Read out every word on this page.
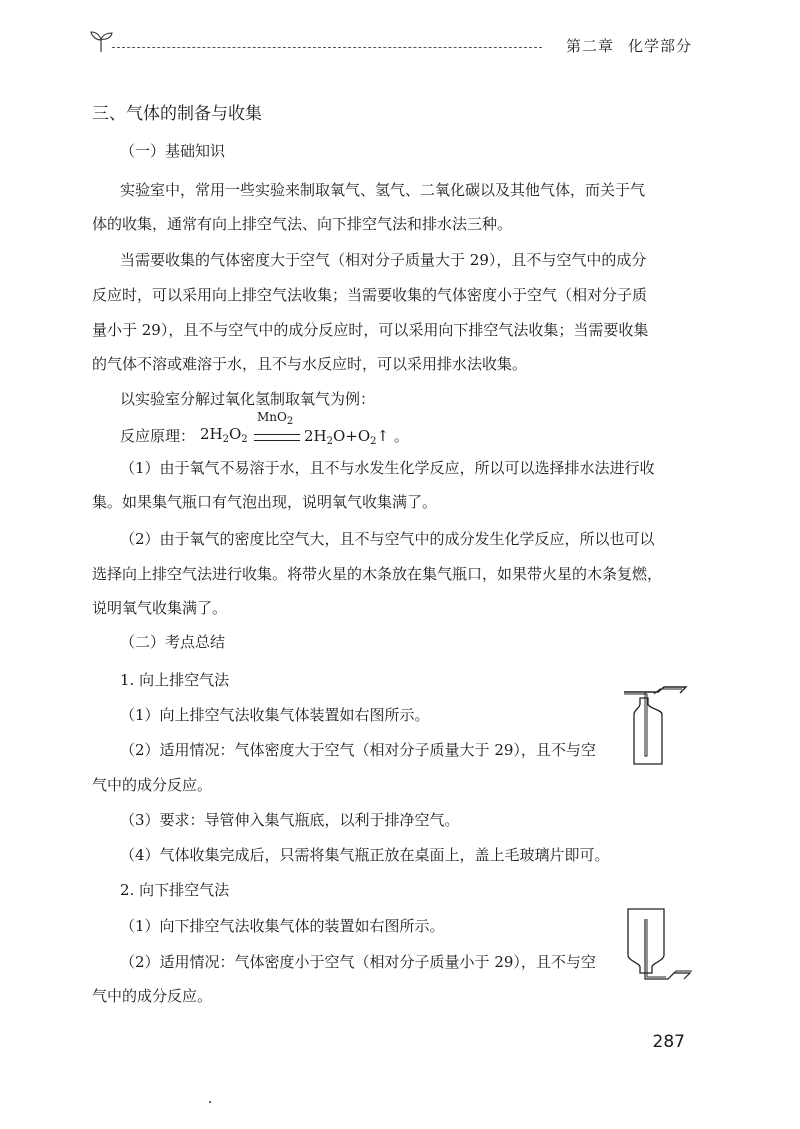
第二章 化学部分
三、气体的制备与收集
（一）基础知识
实验室中，常用一些实验来制取氧气、氢气、二氧化碳以及其他气体，而关于气
体的收集，通常有向上排空气法、向下排空气法和排水法三种。
当需要收集的气体密度大于空气（相对分子质量大于 29），且不与空气中的成分
反应时，可以采用向上排空气法收集；当需要收集的气体密度小于空气（相对分子质
量小于 29），且不与空气中的成分反应时，可以采用向下排空气法收集；当需要收集
的气体不溶或难溶于水，且不与水反应时，可以采用排水法收集。
以实验室分解过氧化氢制取氧气为例：
反应原理： $2H_2O_2$
MnO$_2$
$2H_2O+O_2↑$ 。
（1）由于氧气不易溶于水，且不与水发生化学反应，所以可以选择排水法进行收
集。如果集气瓶口有气泡出现，说明氧气收集满了。
（2）由于氧气的密度比空气大，且不与空气中的成分发生化学反应，所以也可以
选择向上排空气法进行收集。将带火星的木条放在集气瓶口，如果带火星的木条复燃，
说明氧气收集满了。
（二）考点总结
1. 向上排空气法
（1）向上排空气法收集气体装置如右图所示。
（2）适用情况：气体密度大于空气（相对分子质量大于 29），且不与空
气中的成分反应。
（3）要求：导管伸入集气瓶底，以利于排净空气。
（4）气体收集完成后，只需将集气瓶正放在桌面上，盖上毛玻璃片即可。
2. 向下排空气法
（1）向下排空气法收集气体的装置如右图所示。
（2）适用情况：气体密度小于空气（相对分子质量小于 29），且不与空
气中的成分反应。
287
